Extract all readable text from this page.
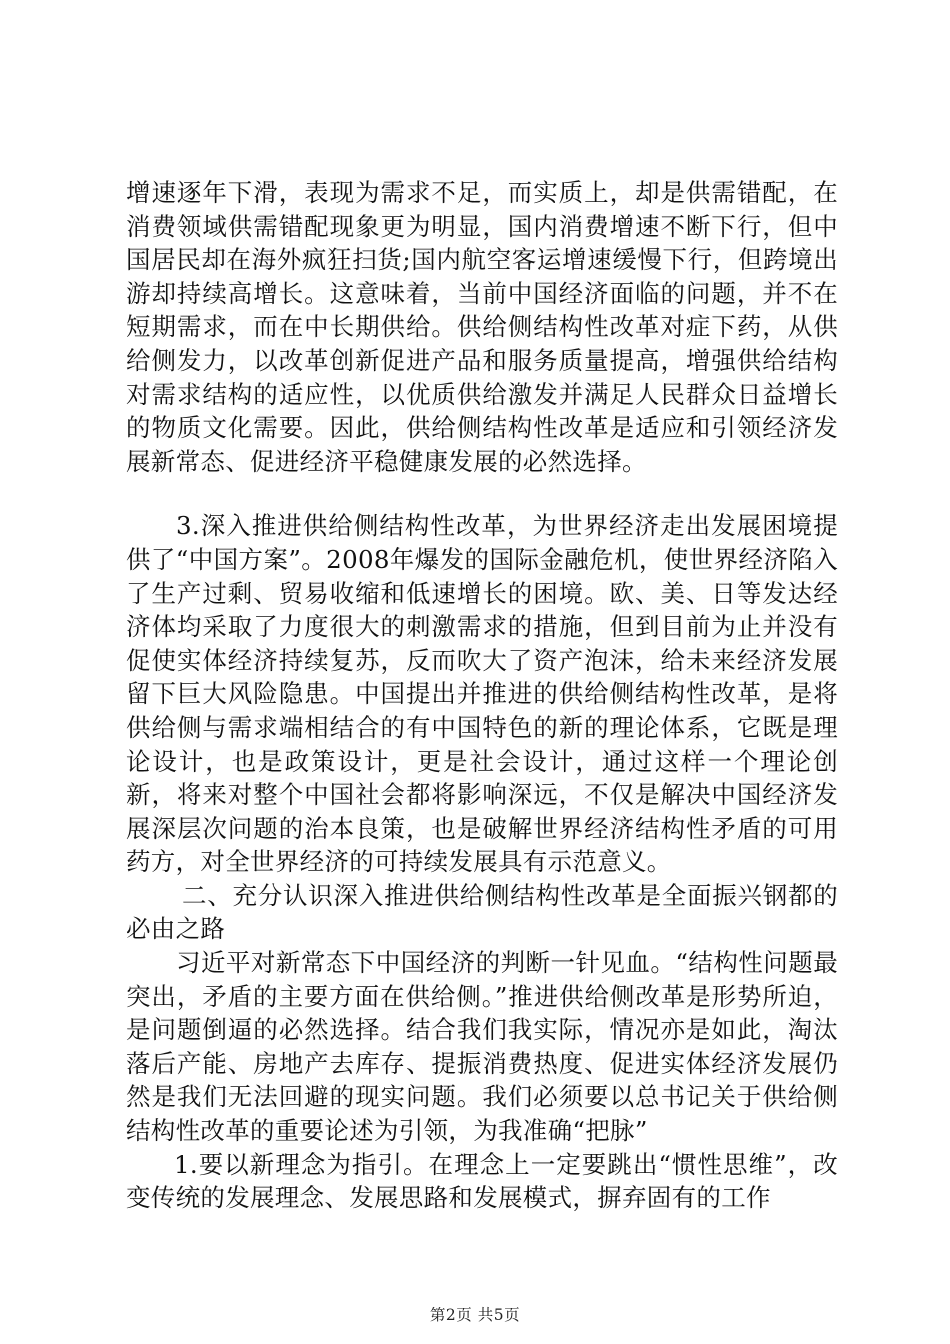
增速逐年下滑，表现为需求不足，而实质上，却是供需错配，在消费领域供需错配现象更为明显，国内消费增速不断下行，但中国居民却在海外疯狂扫货;国内航空客运增速缓慢下行，但跨境出游却持续高增长。这意味着，当前中国经济面临的问题，并不在短期需求，而在中长期供给。供给侧结构性改革对症下药，从供给侧发力，以改革创新促进产品和服务质量提高，增强供给结构对需求结构的适应性，以优质供给激发并满足人民群众日益增长的物质文化需要。因此，供给侧结构性改革是适应和引领经济发展新常态、促进经济平稳健康发展的必然选择。

3.深入推进供给侧结构性改革，为世界经济走出发展困境提供了“中国方案”。2008年爆发的国际金融危机，使世界经济陷入了生产过剩、贸易收缩和低速增长的困境。欧、美、日等发达经济体均采取了力度很大的刺激需求的措施，但到目前为止并没有促使实体经济持续复苏，反而吹大了资产泡沫，给未来经济发展留下巨大风险隐患。中国提出并推进的供给侧结构性改革，是将供给侧与需求端相结合的有中国特色的新的理论体系，它既是理论设计，也是政策设计，更是社会设计，通过这样一个理论创新，将来对整个中国社会都将影响深远，不仅是解决中国经济发展深层次问题的治本良策，也是破解世界经济结构性矛盾的可用药方，对全世界经济的可持续发展具有示范意义。

二、充分认识深入推进供给侧结构性改革是全面振兴钢都的必由之路

习近平对新常态下中国经济的判断一针见血。“结构性问题最突出，矛盾的主要方面在供给侧。”推进供给侧改革是形势所迫，是问题倒逼的必然选择。结合我们我实际，情况亦是如此，淘汰落后产能、房地产去库存、提振消费热度、促进实体经济发展仍然是我们无法回避的现实问题。我们必须要以总书记关于供给侧结构性改革的重要论述为引领，为我准确“把脉”

1.要以新理念为指引。在理念上一定要跳出“惯性思维”，改变传统的发展理念、发展思路和发展模式，摒弃固有的工作

第2页 共5页
